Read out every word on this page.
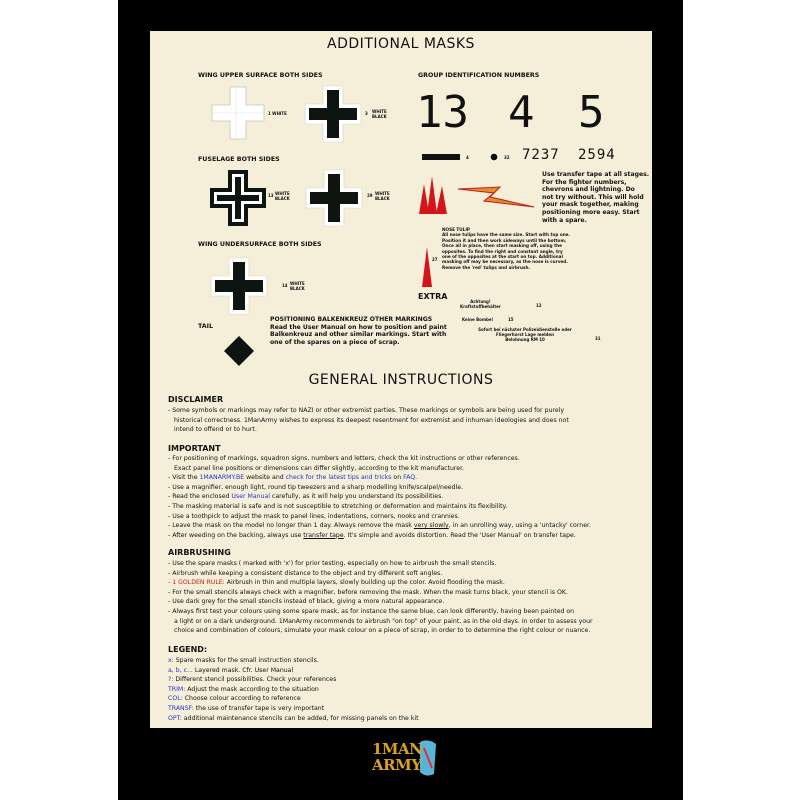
ADDITIONAL MASKS
WING UPPER SURFACE BOTH SIDES
1 WHITE	3 WHITE
BLACK
FUSELAGE BOTH SIDES
13 WHITE
BLACK
29 WHITE
BLACK
WING UNDERSURFACE BOTH SIDES
14 WHITE
BLACK
TAIL
POSITIONING BALKENKREUZ OTHER MARKINGS
Read the User Manual on how to position and paint
Balkenkreuz and other similar markings. Start with
one of the spares on a piece of scrap.
GROUP IDENTIFICATION NUMBERS
13 4 5
4	32 7237 2594
Use transfer tape at all stages.
For the fighter numbers,
chevrons and lightning. Do
not try without. This will hold
your mask together, making
positioning more easy. Start
with a spare.
27
NOSE TULIP
All nose tulips have the same size. Start with top one.
Position it and then work sideways until the bottom.
Once all in place, then start masking off, using the
opposites. To find the right and constant angle, try
one of the opposites at the start on top. Additional
masking off may be necessary, as the nose is curved.
Remove the 'red' tulips and airbrush.
EXTRA
Achtung!
Kraftstoffbehälter	12
Keine Bombe!	15
Sofort bei nächster Polizeidienstelle oder
Fliegerhorst Lage melden
Belohnung RM 10	31
GENERAL INSTRUCTIONS
DISCLAIMER
- Some symbols or markings may refer to NAZI or other extremist parties. These markings or symbols are being used for purely
historical correctness. 1ManArmy wishes to express its deepest resentment for extremist and inhuman ideologies and does not
intend to offend or to hurt.
IMPORTANT
- For positioning of markings, squadron signs, numbers and letters, check the kit instructions or other references.
Exact panel line positions or dimensions can differ slightly, according to the kit manufacturer.
- Visit the 1MANARMY.BE website and check for the latest tips and tricks on FAQ.
- Use a magnifier, enough light, round tip tweezers and a sharp modelling knife/scalpel/needle.
- Read the enclosed User Manual carefully, as it will help you understand its possibilities.
- The masking material is safe and is not susceptible to stretching or deformation and maintains its flexibility.
- Use a toothpick to adjust the mask to panel lines, indentations, corners, nooks and crannies.
- Leave the mask on the model no longer than 1 day. Always remove the mask very slowly, in an unrolling way, using a 'untacky' corner.
- After weeding on the backing, always use transfer tape. It's simple and avoids distortion. Read the 'User Manual' on transfer tape.
AIRBRUSHING
- Use the spare masks ( marked with 'x') for prior testing, especially on how to airbrush the small stencils.
- Airbrush while keeping a consistent distance to the object and try different soft angles.
- 1 GOLDEN RULE: Airbrush in thin and multiple layers, slowly building up the color. Avoid flooding the mask.
- For the small stencils always check with a magnifier, before removing the mask. When the mask turns black, your stencil is OK.
- Use dark grey for the small stencils instead of black, giving a more natural appearance.
- Always first test your colours using some spare mask, as for instance the same blue, can look differently, having been painted on
a light or on a dark underground. 1ManArmy recommends to airbrush "on top" of your paint, as in the old days. In order to assess your
choice and combination of colours, simulate your mask colour on a piece of scrap, in order to to determine the right colour or nuance.
LEGEND:
x: Spare masks for the small instruction stencils.
a, b, c... Layered mask. Cfr. User Manual
?: Different stencil possibilities. Check your references
TRIM: Adjust the mask according to the situation
COL: Choose colour according to reference
TRANSF: the use of transfer tape is very important
OPT: additional maintenance stencils can be added, for missing panels on the kit
1MAN
ARMY
